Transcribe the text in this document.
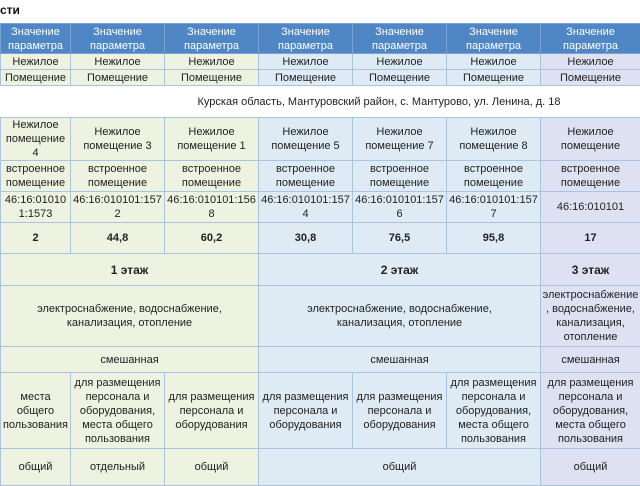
сти
Значение параметра	Значение параметра	Значение параметра	Значение параметра	Значение параметра	Значение параметра	Значение параметра
Нежилое	Нежилое	Нежилое	Нежилое	Нежилое	Нежилое	Нежилое
Помещение	Помещение	Помещение	Помещение	Помещение	Помещение	Помещение

Курская область, Мантуровский район, с. Мантурово, ул. Ленина, д. 18						

Нежилое помещение 4	Нежилое помещение 3	Нежилое помещение 1	Нежилое помещение 5	Нежилое помещение 7	Нежилое помещение 8	Нежилое помещение
встроенное помещение	встроенное помещение	встроенное помещение	встроенное помещение	встроенное помещение	встроенное помещение	встроенное помещение
46:16:010101:1573	46:16:010101:1572	46:16:010101:1568	46:16:010101:1574	46:16:010101:1576	46:16:010101:1577	46:16:010101
2	44,8	60,2	30,8	76,5	95,8	17
1 этаж			2 этаж			3 этаж

электроснабжение, водоснабжение, канализация, отопление			электроснабжение, водоснабжение, канализация, отопление			электроснабжение, водоснабжение, канализация, отопление
смешанная			смешанная			смешанная
места общего пользования	для размещения персонала и оборудования, места общего пользования	для размещения персонала и оборудования	для размещения персонала и оборудования	для размещения персонала и оборудования	для размещения персонала и оборудования, места общего пользования	для размещения персонала и оборудования, места общего пользования
общий	отдельный	общий	общий			общий
